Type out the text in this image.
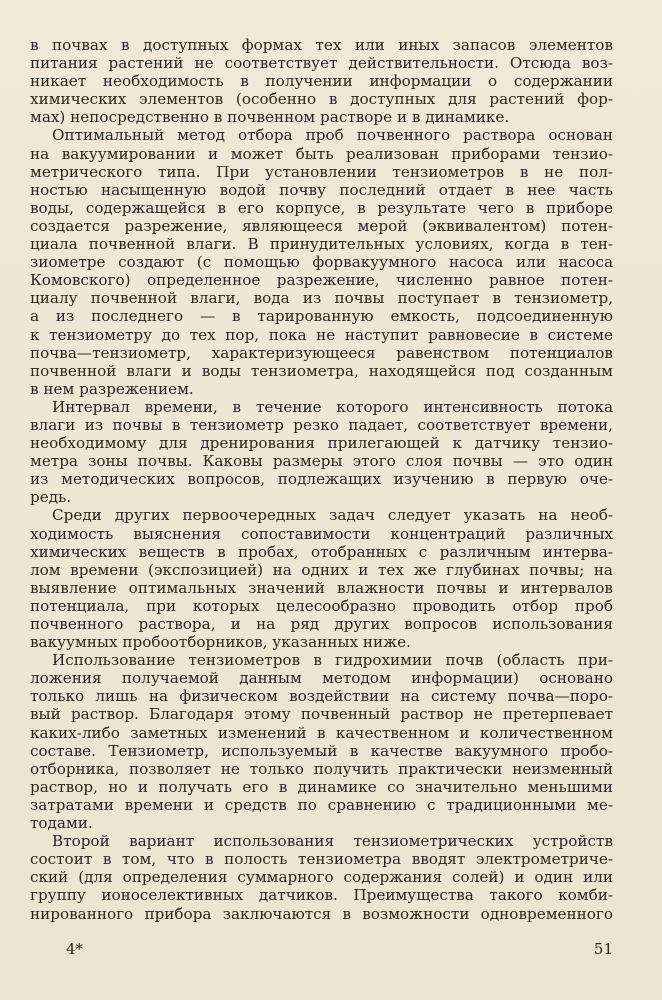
в почвах в доступных формах тех или иных запасов элементов
питания растений не соответствует действительности. Отсюда воз-
никает необходимость в получении информации о содержании
химических элементов (особенно в доступных для растений фор-
мах) непосредственно в почвенном растворе и в динамике.
Оптимальный метод отбора проб почвенного раствора основан
на вакуумировании и может быть реализован приборами тензио-
метрического типа. При установлении тензиометров в не пол-
ностью насыщенную водой почву последний отдает в нее часть
воды, содержащейся в его корпусе, в результате чего в приборе
создается разрежение, являющееся мерой (эквивалентом) потен-
циала почвенной влаги. В принудительных условиях, когда в тен-
зиометре создают (с помощью форвакуумного насоса или насоса
Комовского) определенное разрежение, численно равное потен-
циалу почвенной влаги, вода из почвы поступает в тензиометр,
а из последнего — в тарированную емкость, подсоединенную
к тензиометру до тех пор, пока не наступит равновесие в системе
почва—тензиометр, характеризующееся равенством потенциалов
почвенной влаги и воды тензиометра, находящейся под созданным
в нем разрежением.
Интервал времени, в течение которого интенсивность потока
влаги из почвы в тензиометр резко падает, соответствует времени,
необходимому для дренирования прилегающей к датчику тензио-
метра зоны почвы. Каковы размеры этого слоя почвы — это один
из методических вопросов, подлежащих изучению в первую оче-
редь.
Среди других первоочередных задач следует указать на необ-
ходимость выяснения сопоставимости концентраций различных
химических веществ в пробах, отобранных с различным интерва-
лом времени (экспозицией) на одних и тех же глубинах почвы; на
выявление оптимальных значений влажности почвы и интервалов
потенциала, при которых целесообразно проводить отбор проб
почвенного раствора, и на ряд других вопросов использования
вакуумных пробоотборников, указанных ниже.
Использование тензиометров в гидрохимии почв (область при-
ложения получаемой данным методом информации) основано
только лишь на физическом воздействии на систему почва—поро-
вый раствор. Благодаря этому почвенный раствор не претерпевает
каких-либо заметных изменений в качественном и количественном
составе. Тензиометр, используемый в качестве вакуумного пробо-
отборника, позволяет не только получить практически неизменный
раствор, но и получать его в динамике со значительно меньшими
затратами времени и средств по сравнению с традиционными ме-
тодами.
Второй вариант использования тензиометрических устройств
состоит в том, что в полость тензиометра вводят электрометриче-
ский (для определения суммарного содержания солей) и один или
группу ионоселективных датчиков. Преимущества такого комби-
нированного прибора заключаются в возможности одновременного
4*	51
